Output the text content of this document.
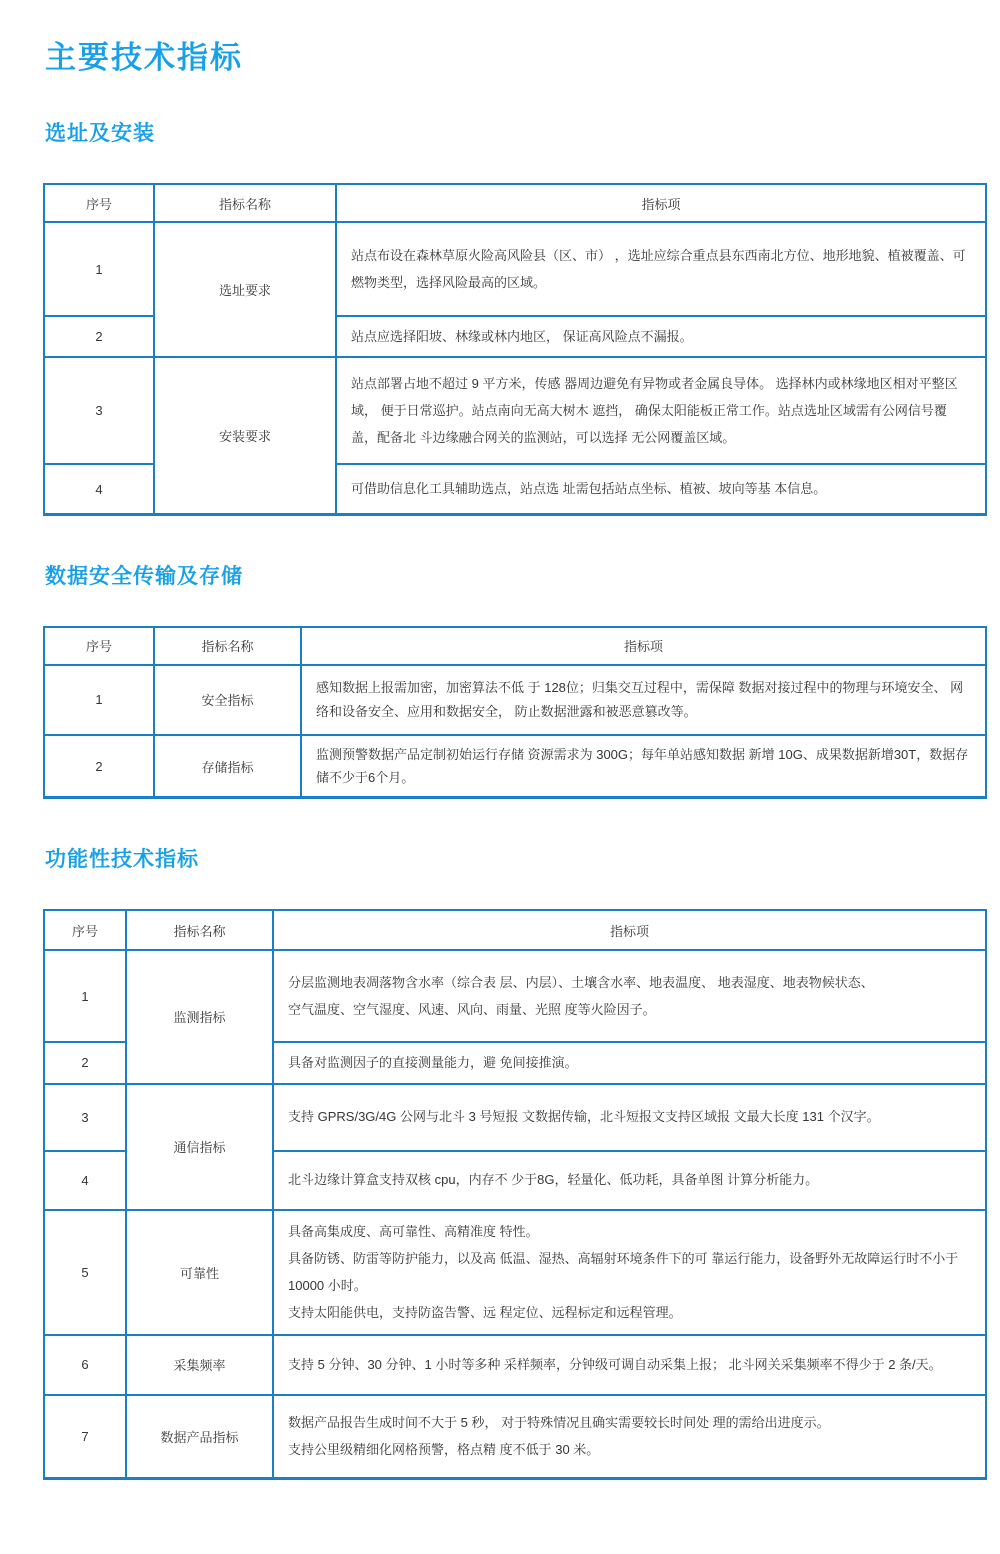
主要技术指标
选址及安装
序号	指标名称	指标项
1	选址要求	站点布设在森林草原火险高风险县（区、市） ，选址应综合重点县东西南北方位、地形地貌、植被覆盖、可燃物类型，选择风险最高的区域。

2		站点应选择阳坡、林缘或林内地区， 保证高风险点不漏报。

3	安装要求	站点部署占地不超过 9 平方米，传感 器周边避免有异物或者金属良导体。 选择林内或林缘地区相对平整区域， 便于日常巡护。站点南向无高大树木 遮挡， 确保太阳能板正常工作。站点选址区域需有公网信号覆盖，配备北 斗边缘融合网关的监测站，可以选择 无公网覆盖区域。

4		可借助信息化工具辅助选点，站点选 址需包括站点坐标、植被、坡向等基 本信息。

数据安全传输及存储
序号	指标名称	指标项
1	安全指标	感知数据上报需加密，加密算法不低 于 128位；归集交互过程中，需保障 数据对接过程中的物理与环境安全、 网络和设备安全、应用和数据安全， 防止数据泄露和被恶意篡改等。

2	存储指标	监测预警数据产品定制初始运行存储 资源需求为 300G；每年单站感知数据 新增 10G、成果数据新增30T，数据存 储不少于6个月。

功能性技术指标
序号	指标名称	指标项
1	监测指标	分层监测地表凋落物含水率（综合表 层、内层）、土壤含水率、地表温度、 地表湿度、地表物候状态、

空气温度、空气湿度、风速、风向、雨量、光照 度等火险因子。

2		具备对监测因子的直接测量能力，避 免间接推演。

3	通信指标	支持 GPRS/3G/4G 公网与北斗 3 号短报 文数据传输，北斗短报文支持区域报 文最大长度 131 个汉字。

4		北斗边缘计算盒支持双核 cpu，内存不 少于8G，轻量化、低功耗，具备单图 计算分析能力。

5	可靠性	具备高集成度、高可靠性、高精准度 特性。

具备防锈、防雷等防护能力，以及高 低温、湿热、高辐射环境条件下的可 靠运行能力，设备野外无故障运行时不小于10000 小时。

支持太阳能供电，支持防盗告警、远 程定位、远程标定和远程管理。

6	采集频率	支持 5 分钟、30 分钟、1 小时等多种 采样频率，分钟级可调自动采集上报； 北斗网关采集频率不得少于 2 条/天。

7	数据产品指标	数据产品报告生成时间不大于 5 秒， 对于特殊情况且确实需要较长时间处 理的需给出进度示。

支持公里级精细化网格预警，格点精 度不低于 30 米。
